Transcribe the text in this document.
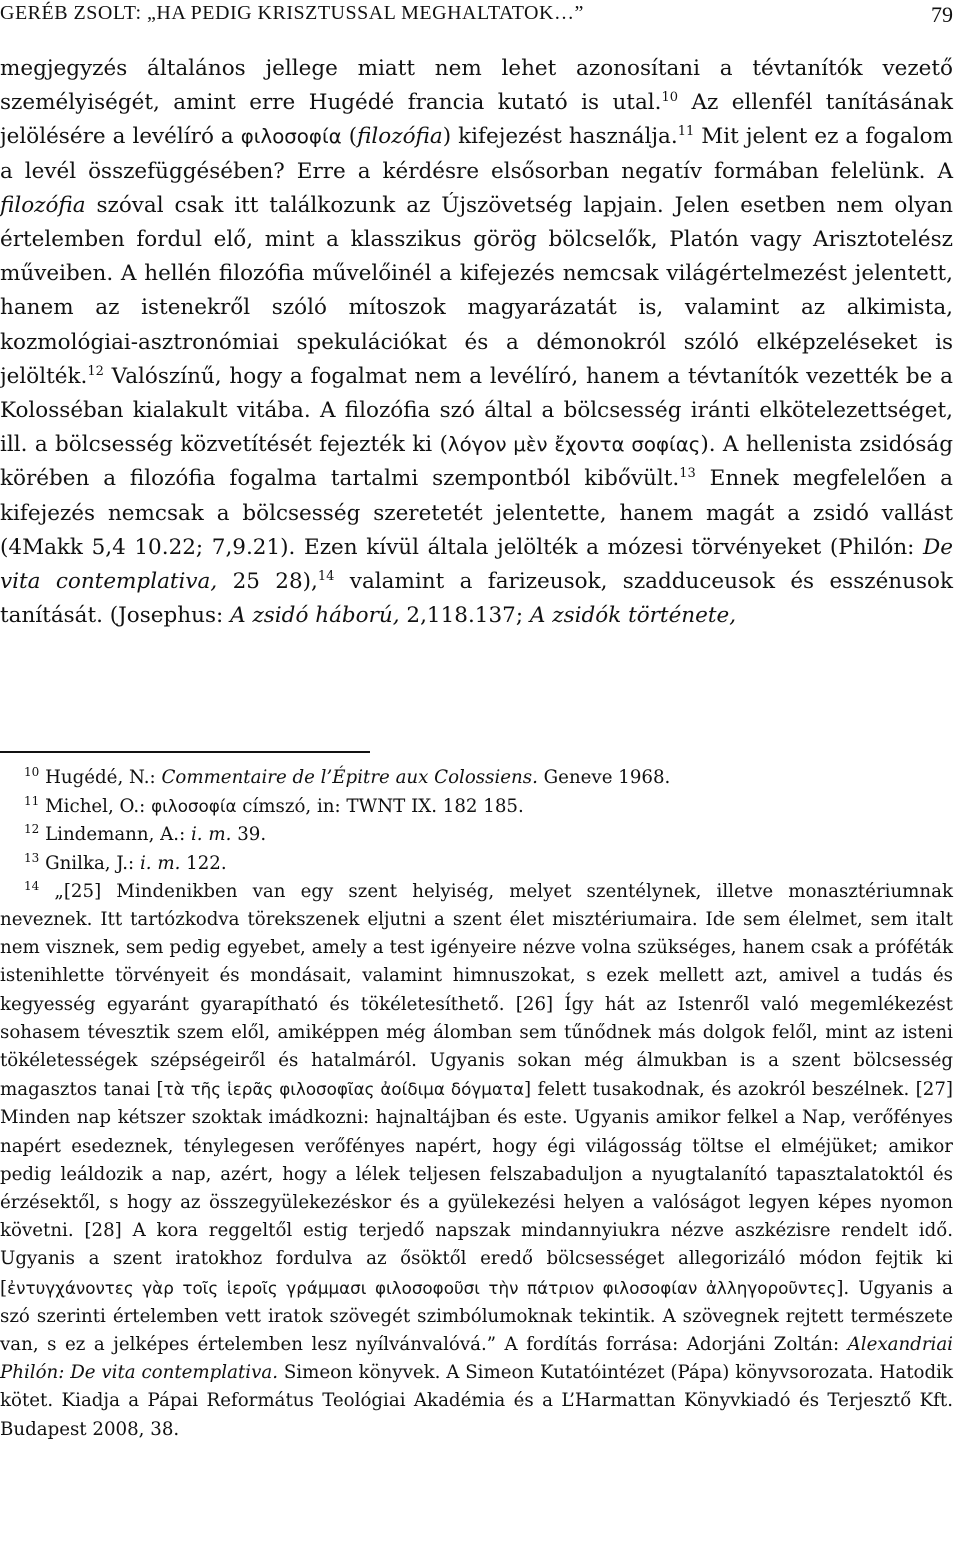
GERÉB ZSOLT: „HA PEDIG KRISZTUSSAL MEGHALTATOK…”	79

megjegyzés általános jellege miatt nem lehet azonosítani a tévtanítók vezető személyiségét, amint erre Hugédé francia kutató is utal.$^{10}$ Az ellenfél tanításának jelölésére a levélíró a φιλοσοφία (filozófia) kifejezést használja.$^{11}$ Mit jelent ez a fogalom a levél összefüggésében? Erre a kérdésre elsősorban negatív formában felelünk. A filozófia szóval csak itt találkozunk az Újszövetség lapjain. Jelen esetben nem olyan értelemben fordul elő, mint a klasszikus görög bölcselők, Platón vagy Arisztotelész műveiben. A hellén filozófia művelőinél a kifejezés nemcsak világértelmezést jelentett, hanem az istenekről szóló mítoszok magyarázatát is, valamint az alkimista, kozmológiai-asztronómiai spekulációkat és a démonokról szóló elképzeléseket is jelölték.$^{12}$ Valószínű, hogy a fogalmat nem a levélíró, hanem a tévtanítók vezették be a Kolosséban kialakult vitába. A filozófia szó által a bölcsesség iránti elkötelezettséget, ill. a bölcsesség közvetítését fejezték ki (λόγον μὲν ἔχοντα σοφίας). A hellenista zsidóság körében a filozófia fogalma tartalmi szempontból kibővült.$^{13}$ Ennek megfelelően a kifejezés nemcsak a bölcsesség szeretetét jelentette, hanem magát a zsidó vallást (4Makk 5,4 10.22; 7,9.21). Ezen kívül általa jelölték a mózesi törvényeket (Philón: De vita contemplativa, 25 28),$^{14}$ valamint a farizeusok, szadduceusok és esszénusok tanítását. (Josephus: A zsidó háború, 2,118.137; A zsidók története,

$^{10}$ Hugédé, N.: Commentaire de l’Épitre aux Colossiens. Geneve 1968.

$^{11}$ Michel, O.: φιλοσοφία címszó, in: TWNT IX. 182 185.

$^{12}$ Lindemann, A.: i. m. 39.

$^{13}$ Gnilka, J.: i. m. 122.

$^{14}$ „[25] Mindenikben van egy szent helyiség, melyet szentélynek, illetve monasztériumnak neveznek. Itt tartózkodva törekszenek eljutni a szent élet misztériumaira. Ide sem élelmet, sem italt nem visznek, sem pedig egyebet, amely a test igényeire nézve volna szükséges, hanem csak a próféták istenihlette törvényeit és mondásait, valamint himnuszokat, s ezek mellett azt, amivel a tudás és kegyesség egyaránt gyarapítható és tökéletesíthető. [26] Így hát az Istenről való megemlékezést sohasem tévesztik szem elől, amiképpen még álomban sem tűnődnek más dolgok felől, mint az isteni tökéletességek szépségeiről és hatalmáról. Ugyanis sokan még álmukban is a szent bölcsesség magasztos tanai [τὰ τῆς ἱερᾶς φιλοσοφῖας ἀοίδιμα δόγματα] felett tusakodnak, és azokról beszélnek. [27] Minden nap kétszer szoktak imádkozni: hajnaltájban és este. Ugyanis amikor felkel a Nap, verőfényes napért esedeznek, ténylegesen verőfényes napért, hogy égi világosság töltse el elméjüket; amikor pedig leáldozik a nap, azért, hogy a lélek teljesen felszabaduljon a nyugtalanító tapasztalatoktól és érzésektől, s hogy az összegyülekezéskor és a gyülekezési helyen a valóságot legyen képes nyomon követni. [28] A kora reggeltől estig terjedő napszak mindannyiukra nézve aszkézisre rendelt idő. Ugyanis a szent iratokhoz fordulva az ősöktől eredő bölcsességet allegorizáló módon fejtik ki [ἐντυγχάνοντες γὰρ τοῖς ἱεροῖς γράμμασι φιλοσοφοῦσι τὴν πάτριον φιλοσοφίαν ἀλληγοροῦντες]. Ugyanis a szó szerinti értelemben vett iratok szövegét szimbólumoknak tekintik. A szövegnek rejtett természete van, s ez a jelképes értelemben lesz nyílvánvalóvá.” A fordítás forrása: Adorjáni Zoltán: Alexandriai Philón: De vita contemplativa. Simeon könyvek. A Simeon Kutatóintézet (Pápa) könyvsorozata. Hatodik kötet. Kiadja a Pápai Református Teológiai Akadémia és a L’Harmattan Könyvkiadó és Terjesztő Kft. Budapest 2008, 38.
